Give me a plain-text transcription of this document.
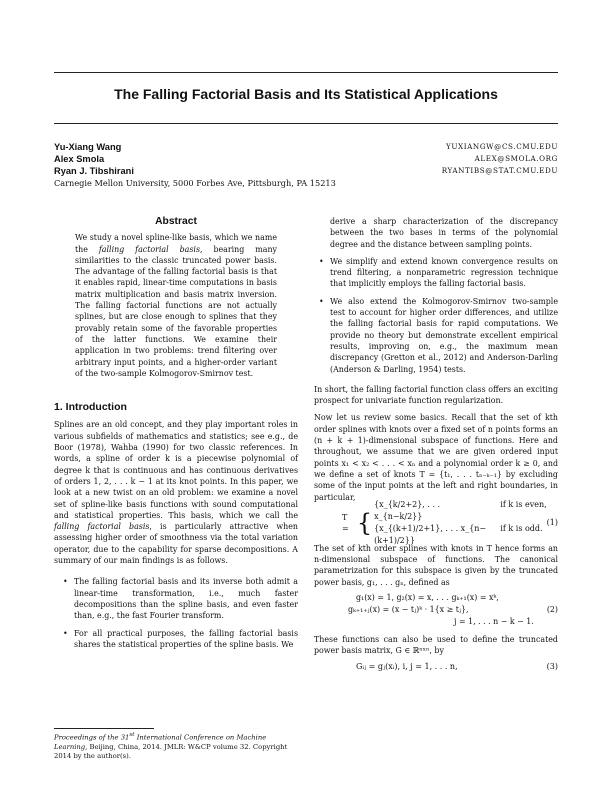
The Falling Factorial Basis and Its Statistical Applications
Yu-Xiang Wang	YUXIANGW@CS.CMU.EDU
Alex Smola	ALEX@SMOLA.ORG
Ryan J. Tibshirani	RYANTIBS@STAT.CMU.EDU
Carnegie Mellon University, 5000 Forbes Ave, Pittsburgh, PA 15213
Abstract

We study a novel spline-like basis, which we name the falling factorial basis, bearing many similarities to the classic truncated power basis. The advantage of the falling factorial basis is that it enables rapid, linear-time computations in basis matrix multiplication and basis matrix inversion. The falling factorial functions are not actually splines, but are close enough to splines that they provably retain some of the favorable properties of the latter functions. We examine their application in two problems: trend filtering over arbitrary input points, and a higher-order variant of the two-sample Kolmogorov-Smirnov test.

1. Introduction

Splines are an old concept, and they play important roles in various subfields of mathematics and statistics; see e.g., de Boor (1978), Wahba (1990) for two classic references. In words, a spline of order k is a piecewise polynomial of degree k that is continuous and has continuous derivatives of orders 1, 2, . . . k − 1 at its knot points. In this paper, we look at a new twist on an old problem: we examine a novel set of spline-like basis functions with sound computational and statistical properties. This basis, which we call the falling factorial basis, is particularly attractive when assessing higher order of smoothness via the total variation operator, due to the capability for sparse decompositions. A summary of our main findings is as follows.

• The falling factorial basis and its inverse both admit a linear-time transformation, i.e., much faster decompositions than the spline basis, and even faster than, e.g., the fast Fourier transform.
• For all practical purposes, the falling factorial basis shares the statistical properties of the spline basis. We
Proceedings of the 31st International Conference on Machine Learning, Beijing, China, 2014. JMLR: W&CP volume 32. Copyright 2014 by the author(s).

derive a sharp characterization of the discrepancy between the two bases in terms of the polynomial degree and the distance between sampling points.

• We simplify and extend known convergence results on trend filtering, a nonparametric regression technique that implicitly employs the falling factorial basis.
• We also extend the Kolmogorov-Smirnov two-sample test to account for higher order differences, and utilize the falling factorial basis for rapid computations. We provide no theory but demonstrate excellent empirical results, improving on, e.g., the maximum mean discrepancy (Gretton et al., 2012) and Anderson-Darling (Anderson & Darling, 1954) tests.

In short, the falling factorial function class offers an exciting prospect for univariate function regularization.

Now let us review some basics. Recall that the set of kth order splines with knots over a fixed set of n points forms an (n + k + 1)-dimensional subspace of functions. Here and throughout, we assume that we are given ordered input points x₁ < x₂ < . . . < xₙ and a polynomial order k ≥ 0, and we define a set of knots T = {t₁, . . . tₙ₋ₖ₋₁} by excluding some of the input points at the left and right boundaries, in particular,

T = {
{x_{k/2+2}, . . . x_{n−k/2}}
if k is even,
{x_{(k+1)/2+1}, . . . x_{n−(k+1)/2}}
if k is odd.
(1)

The set of kth order splines with knots in T hence forms an n-dimensional subspace of functions. The canonical parametrization for this subspace is given by the truncated power basis, g₁, . . . gₙ, defined as

g₁(x) = 1, g₂(x) = x, . . . gₖ₊₁(x) = xᵏ,
gₖ₊₁₊ⱼ(x) = (x − tⱼ)ᵏ · 1{x ≥ tⱼ},
j = 1, . . . n − k − 1.
(2)

These functions can also be used to define the truncated power basis matrix, G ∈ ℝⁿˣⁿ, by

Gᵢⱼ = gⱼ(xᵢ), i, j = 1, . . . n,	(3)
